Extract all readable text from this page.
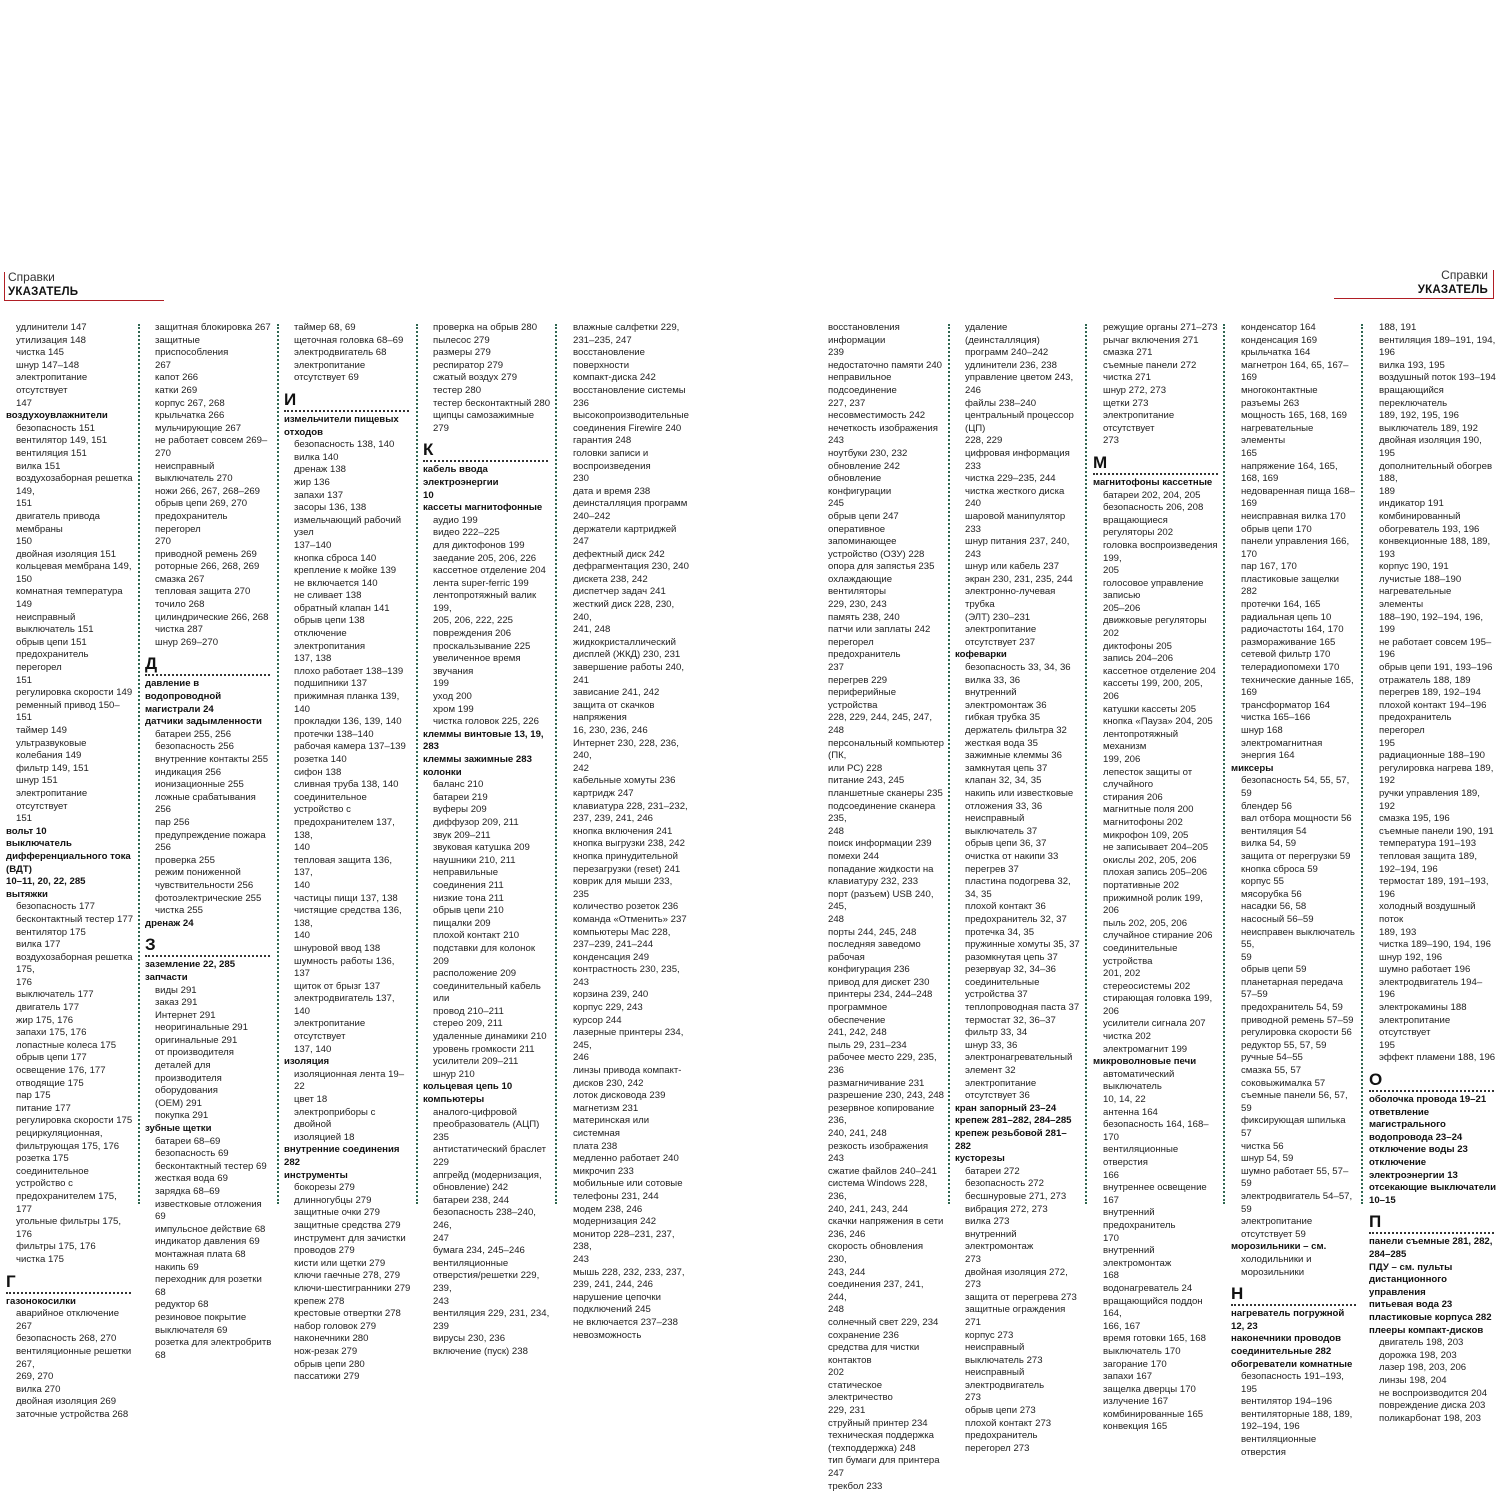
Справки
УКАЗАТЕЛЬ
Справки
УКАЗАТЕЛЬ
удлинители 147
утилизация 148
чистка 145
шнур 147–148
электропитание отсутствует
147
воздухоувлажнители
безопасность 151
вентилятор 149, 151
вентиляция 151
вилка 151
воздухозаборная решетка 149,
151
двигатель привода мембраны
150
двойная изоляция 151
кольцевая мембрана 149, 150
комнатная температура 149
неисправный выключатель 151
обрыв цепи 151
предохранитель перегорел
151
регулировка скорости 149
ременный привод 150–151
таймер 149
ультразвуковые колебания 149
фильтр 149, 151
шнур 151
электропитание отсутствует
151
вольт 10
выключатель
дифференциального тока (ВДТ)
10–11, 20, 22, 285
вытяжки
безопасность 177
бесконтактный тестер 177
вентилятор 175
вилка 177
воздухозаборная решетка 175,
176
выключатель 177
двигатель 177
жир 175, 176
запахи 175, 176
лопастные колеса 175
обрыв цепи 177
освещение 176, 177
отводящие 175
пар 175
питание 177
регулировка скорости 175
рециркуляционная,
фильтрующая 175, 176
розетка 175
соединительное устройство с
предохранителем 175, 177
угольные фильтры 175, 176
фильтры 175, 176
чистка 175
Г
газонокосилки
аварийное отключение 267
безопасность 268, 270
вентиляционные решетки 267,
269, 270
вилка 270
двойная изоляция 269
заточные устройства 268
защитная блокировка 267
защитные приспособления
267
капот 266
катки 269
корпус 267, 268
крыльчатка 266
мульчирующие 267
не работает совсем 269–270
неисправный выключатель 270
ножи 266, 267, 268–269
обрыв цепи 269, 270
предохранитель перегорел
270
приводной ремень 269
роторные 266, 268, 269
смазка 267
тепловая защита 270
точило 268
цилиндрические 266, 268
чистка 287
шнур 269–270
Д
давление в водопроводной
магистрали 24
датчики задымленности
батареи 255, 256
безопасность 256
внутренние контакты 255
индикация 256
ионизационные 255
ложные срабатывания 256
пар 256
предупреждение пожара 256
проверка 255
режим пониженной
чувствительности 256
фотоэлектрические 255
чистка 255
дренаж 24
З
заземление 22, 285
запчасти
виды 291
заказ 291
Интернет 291
неоригинальные 291
оригинальные 291
от производителя деталей для
производителя оборудования
(OEM) 291
покупка 291
зубные щетки
батареи 68–69
безопасность 69
бесконтактный тестер 69
жесткая вода 69
зарядка 68–69
известковые отложения 69
импульсное действие 68
индикатор давления 69
монтажная плата 68
накипь 69
переходник для розетки 68
редуктор 68
резиновое покрытие
выключателя 69
розетка для электробритв 68
таймер 68, 69
щеточная головка 68–69
электродвигатель 68
электропитание отсутствует 69
И
измельчители пищевых
отходов
безопасность 138, 140
вилка 140
дренаж 138
жир 136
запахи 137
засоры 136, 138
измельчающий рабочий узел
137–140
кнопка сброса 140
крепление к мойке 139
не включается 140
не сливает 138
обратный клапан 141
обрыв цепи 138
отключение электропитания
137, 138
плохо работает 138–139
подшипники 137
прижимная планка 139, 140
прокладки 136, 139, 140
протечки 138–140
рабочая камера 137–139
розетка 140
сифон 138
сливная труба 138, 140
соединительное устройство с
предохранителем 137, 138,
140
тепловая защита 136, 137,
140
частицы пищи 137, 138
чистящие средства 136, 138,
140
шнуровой ввод 138
шумность работы 136, 137
щиток от брызг 137
электродвигатель 137, 140
электропитание отсутствует
137, 140
изоляция
изоляционная лента 19–22
цвет 18
электроприборы с двойной
изоляцией 18
внутренние соединения 282
инструменты
бокорезы 279
длинногубцы 279
защитные очки 279
защитные средства 279
инструмент для зачистки
проводов 279
кисти или щетки 279
ключи гаечные 278, 279
ключи-шестигранники 279
крепеж 278
крестовые отвертки 278
набор головок 279
наконечники 280
нож-резак 279
обрыв цепи 280
пассатижи 279
проверка на обрыв 280
пылесос 279
размеры 279
респиратор 279
сжатый воздух 279
тестер 280
тестер бесконтактный 280
щипцы самозажимные 279
К
кабель ввода электроэнергии
10
кассеты магнитофонные
аудио 199
видео 222–225
для диктофонов 199
заедание 205, 206, 226
кассетное отделение 204
лента super-ferric 199
лентопротяжный валик 199,
205, 206, 222, 225
повреждения 206
проскальзывание 225
увеличенное время звучания
199
уход 200
хром 199
чистка головок 225, 226
клеммы винтовые 13, 19, 283
клеммы зажимные 283
колонки
баланс 210
батареи 219
вуферы 209
диффузор 209, 211
звук 209–211
звуковая катушка 209
наушники 210, 211
неправильные соединения 211
низкие тона 211
обрыв цепи 210
пищалки 209
плохой контакт 210
подставки для колонок 209
расположение 209
соединительный кабель или
провод 210–211
стерео 209, 211
удаленные динамики 210
уровень громкости 211
усилители 209–211
шнур 210
кольцевая цепь 10
компьютеры
аналого-цифровой
преобразователь (АЦП) 235
антистатический браслет 229
апгрейд (модернизация,
обновление) 242
батареи 238, 244
безопасность 238–240, 246,
247
бумага 234, 245–246
вентиляционные
отверстия/решетки 229, 239,
243
вентиляция 229, 231, 234,
239
вирусы 230, 236
включение (пуск) 238
влажные салфетки 229,
231–235, 247
восстановление поверхности
компакт-диска 242
восстановление системы 236
высокопроизводительные
соединения Firewire 240
гарантия 248
головки записи и
воспроизведения
230
дата и время 238
деинсталляция программ
240–242
держатели картриджей 247
дефектный диск 242
дефрагментация 230, 240
дискета 238, 242
диспетчер задач 241
жесткий диск 228, 230, 240,
241, 248
жидкокристаллический
дисплей (ЖКД) 230, 231
завершение работы 240, 241
зависание 241, 242
защита от скачков напряжения
16, 230, 236, 246
Интернет 230, 228, 236, 240,
242
кабельные хомуты 236
картридж 247
клавиатура 228, 231–232,
237, 239, 241, 246
кнопка включения 241
кнопка выгрузки 238, 242
кнопка принудительной
перезагрузки (reset) 241
коврик для мыши 233,
235
количество розеток 236
команда «Отменить» 237
компьютеры Mac 228,
237–239, 241–244
конденсация 249
контрастность 230, 235, 243
корзина 239, 240
корпус 229, 243
курсор 244
лазерные принтеры 234, 245,
246
линзы привода компакт-
дисков 230, 242
лоток дисковода 239
магнетизм 231
материнская или системная
плата 238
медленно работает 240
микрочип 233
мобильные или сотовые
телефоны 231, 244
модем 238, 246
модернизация 242
монитор 228–231, 237, 238,
243
мышь 228, 232, 233, 237,
239, 241, 244, 246
нарушение цепочки
подключений 245
не включается 237–238
невозможность
восстановления информации
239
недостаточно памяти 240
неправильное подсоединение
227, 237
несовместимость 242
нечеткость изображения 243
ноутбуки 230, 232
обновление 242
обновление конфигурации
245
обрыв цепи 247
оперативное запоминающее
устройство (ОЗУ) 228
опора для запястья 235
охлаждающие вентиляторы
229, 230, 243
память 238, 240
патчи или заплаты 242
перегорел предохранитель
237
перегрев 229
периферийные устройства
228, 229, 244, 245, 247, 248
персональный компьютер (ПК,
или PC) 228
питание 243, 245
планшетные сканеры 235
подсоединение сканера 235,
248
поиск информации 239
помехи 244
попадание жидкости на
клавиатуру 232, 233
порт (разъем) USB 240, 245,
248
порты 244, 245, 248
последняя заведомо рабочая
конфигурация 236
привод для дискет 230
принтеры 234, 244–248
программное обеспечение
241, 242, 248
пыль 29, 231–234
рабочее место 229, 235, 236
размагничивание 231
разрешение 230, 243, 248
резервное копирование 236,
240, 241, 248
резкость изображения 243
сжатие файлов 240–241
система Windows 228, 236,
240, 241, 243, 244
скачки напряжения в сети
236, 246
скорость обновления 230,
243, 244
соединения 237, 241, 244,
248
солнечный свет 229, 234
сохранение 236
средства для чистки контактов
202
статическое электричество
229, 231
струйный принтер 234
техническая поддержка
(техподдержка) 248
тип бумаги для принтера 247
трекбол 233
удаление (деинсталляция)
программ 240–242
удлинители 236, 238
управление цветом 243, 246
файлы 238–240
центральный процессор (ЦП)
228, 229
цифровая информация 233
чистка 229–235, 244
чистка жесткого диска 240
шаровой манипулятор 233
шнур питания 237, 240, 243
шнур или кабель 237
экран 230, 231, 235, 244
электронно-лучевая трубка
(ЭЛТ) 230–231
электропитание отсутствует 237
кофеварки
безопасность 33, 34, 36
вилка 33, 36
внутренний электромонтаж 36
гибкая трубка 35
держатель фильтра 32
жесткая вода 35
зажимные клеммы 36
замкнутая цепь 37
клапан 32, 34, 35
накипь или известковые
отложения 33, 36
неисправный выключатель 37
обрыв цепи 36, 37
очистка от накипи 33
перегрев 37
пластина подогрева 32, 34, 35
плохой контакт 36
предохранитель 32, 37
протечка 34, 35
пружинные хомуты 35, 37
разомкнутая цепь 37
резервуар 32, 34–36
соединительные устройства 37
теплопроводная паста 37
термостат 32, 36–37
фильтр 33, 34
шнур 33, 36
электронагревательный
элемент 32
электропитание отсутствует 36
кран запорный 23–24
крепеж 281–282, 284–285
крепеж резьбовой 281–282
кусторезы
батареи 272
безопасность 272
бесшнуровые 271, 273
вибрация 272, 273
вилка 273
внутренний электромонтаж
273
двойная изоляция 272, 273
защита от перегрева 273
защитные ограждения 271
корпус 273
неисправный выключатель 273
неисправный электродвигатель
273
обрыв цепи 273
плохой контакт 273
предохранитель перегорел 273
режущие органы 271–273
рычаг включения 271
смазка 271
съемные панели 272
чистка 271
шнур 272, 273
щетки 273
электропитание отсутствует
273
М
магнитофоны кассетные
батареи 202, 204, 205
безопасность 206, 208
вращающиеся регуляторы 202
головка воспроизведения 199,
205
голосовое управление записью
205–206
движковые регуляторы 202
диктофоны 205
запись 204–206
кассетное отделение 204
кассеты 199, 200, 205, 206
катушки кассеты 205
кнопка «Пауза» 204, 205
лентопротяжный механизм
199, 206
лепесток защиты от случайного
стирания 206
магнитные поля 200
магнитофоны 202
микрофон 109, 205
не записывает 204–205
окислы 202, 205, 206
плохая запись 205–206
портативные 202
прижимной ролик 199, 206
пыль 202, 205, 206
случайное стирание 206
соединительные устройства
201, 202
стереосистемы 202
стирающая головка 199, 206
усилители сигнала 207
чистка 202
электромагнит 199
микроволновые печи
автоматический выключатель
10, 14, 22
антенна 164
безопасность 164, 168–170
вентиляционные отверстия
166
внутреннее освещение 167
внутренний предохранитель
170
внутренний электромонтаж
168
водонагреватель 24
вращающийся поддон 164,
166, 167
время готовки 165, 168
выключатель 170
загорание 170
запахи 167
защелка дверцы 170
излучение 167
комбинированные 165
конвекция 165
конденсатор 164
конденсация 169
крыльчатка 164
магнетрон 164, 65, 167–169
многоконтактные разъемы 263
мощность 165, 168, 169
нагревательные элементы
165
напряжение 164, 165, 168, 169
недоваренная пища 168–169
неисправная вилка 170
обрыв цепи 170
панели управления 166, 170
пар 167, 170
пластиковые защелки 282
протечки 164, 165
радиальная цепь 10
радиочастоты 164, 170
размораживание 165
сетевой фильтр 170
телерадиопомехи 170
технические данные 165, 169
трансформатор 164
чистка 165–166
шнур 168
электромагнитная энергия 164
миксеры
безопасность 54, 55, 57, 59
блендер 56
вал отбора мощности 56
вентиляция 54
вилка 54, 59
защита от перегрузки 59
кнопка сброса 59
корпус 55
мясорубка 56
насадки 56, 58
насосный 56–59
неисправен выключатель 55,
59
обрыв цепи 59
планетарная передача 57–59
предохранитель 54, 59
приводной ремень 57–59
регулировка скорости 56
редуктор 55, 57, 59
ручные 54–55
смазка 55, 57
соковыжималка 57
съемные панели 56, 57, 59
фиксирующая шпилька 57
чистка 56
шнур 54, 59
шумно работает 55, 57–59
электродвигатель 54–57, 59
электропитание отсутствует 59
морозильники – см.
холодильники и морозильники
Н
нагреватель погружной 12, 23
наконечники проводов
соединительные 282
обогреватели комнатные
безопасность 191–193, 195
вентилятор 194–196
вентиляторные 188, 189,
192–194, 196
вентиляционные отверстия
188, 191
вентиляция 189–191, 194,
196
вилка 193, 195
воздушный поток 193–194
вращающийся переключатель
189, 192, 195, 196
выключатель 189, 192
двойная изоляция 190, 195
дополнительный обогрев 188,
189
индикатор 191
комбинированный
обогреватель 193, 196
конвекционные 188, 189, 193
корпус 190, 191
лучистые 188–190
нагревательные элементы
188–190, 192–194, 196, 199
не работает совсем 195–196
обрыв цепи 191, 193–196
отражатель 188, 189
перегрев 189, 192–194
плохой контакт 194–196
предохранитель перегорел
195
радиационные 188–190
регулировка нагрева 189, 192
ручки управления 189, 192
смазка 195, 196
съемные панели 190, 191
температура 191–193
тепловая защита 189,
192–194, 196
термостат 189, 191–193, 196
холодный воздушный поток
189, 193
чистка 189–190, 194, 196
шнур 192, 196
шумно работает 196
электродвигатель 194–196
электрокамины 188
электропитание отсутствует
195
эффект пламени 188, 196
О
оболочка провода 19–21
ответвление магистрального
водопровода 23–24
отключение воды 23
отключение электроэнергии 13
отсекающие выключатели
10–15
П
панели съемные 281, 282,
284–285
ПДУ – см. пульты дистанционного
управления
питьевая вода 23
пластиковые корпуса 282
плееры компакт-дисков
двигатель 198, 203
дорожка 198, 203
лазер 198, 203, 206
линзы 198, 204
не воспроизводится 204
повреждение диска 203
поликарбонат 198, 203
